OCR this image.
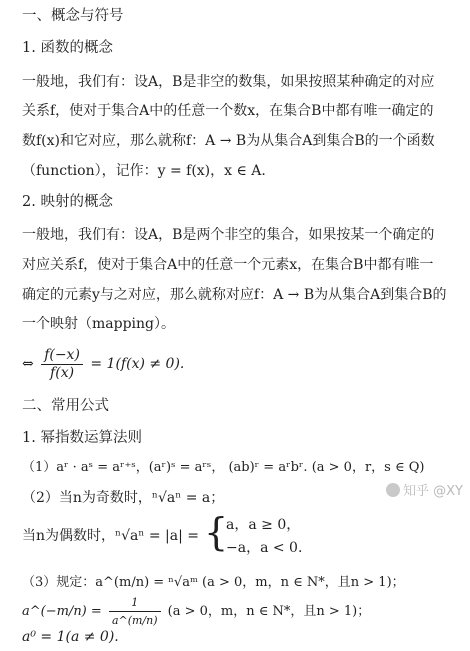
一、概念与符号
1. 函数的概念
一般地，我们有：设A，B是非空的数集，如果按照某种确定的对应
关系f，使对于集合A中的任意一个数x，在集合B中都有唯一确定的
数f(x)和它对应，那么就称f：A → B为从集合A到集合B的一个函数
（function），记作：y = f(x)，x ∈ A.
2. 映射的概念
一般地，我们有：设A，B是两个非空的集合，如果按某一个确定的
对应关系f，使对于集合A中的任意一个元素x，在集合B中都有唯一
确定的元素y与之对应，那么就称对应f：A → B为从集合A到集合B的
一个映射（mapping）。
⇔ $\frac{f(-x)}{f(x)} = 1(f(x) \ne 0)$.
二、常用公式
1. 幂指数运算法则
（1）aʳ · aˢ = aʳ⁺ˢ，(aʳ)ˢ = aʳˢ， (ab)ʳ = aʳbʳ. (a > 0，r，s ∈ Q)
知乎 @XY
（2）当n为奇数时，ⁿ√aⁿ = a；
当n为偶数时，ⁿ√aⁿ = |a| = {
a，a ≥ 0，
−a，a < 0.
（3）规定：a^(m/n) = ⁿ√aᵐ (a > 0，m，n ∈ N*，且n > 1)；
a^(−m/n) = $\frac{1}{a\^{}(m/n)} (a > 0$，m，n ∈ N*，且n > 1)；
a⁰ = 1(a ≠ 0).
